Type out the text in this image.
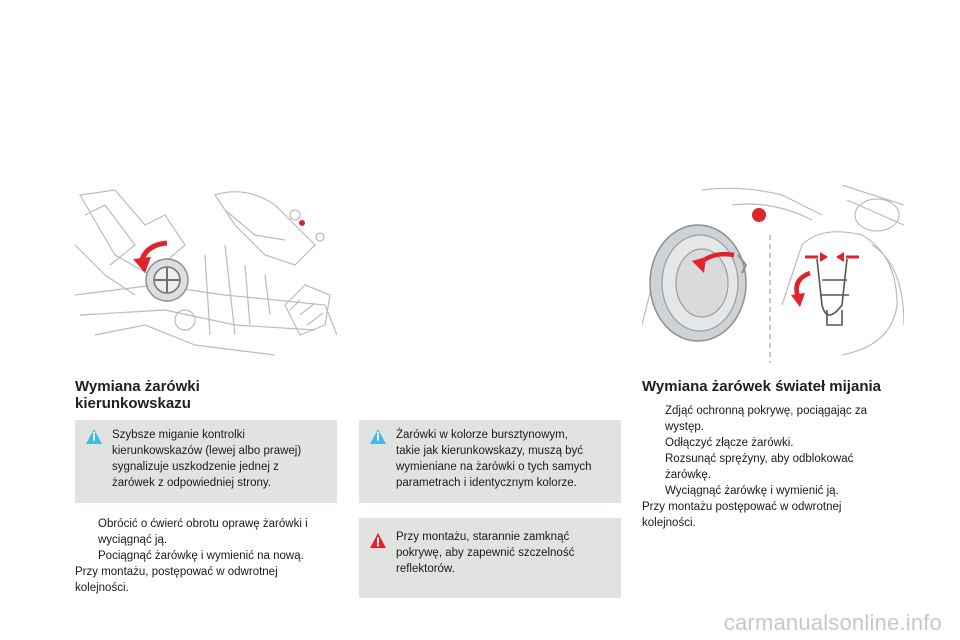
Wymiana żarówki
kierunkowskazu
Szybsze miganie kontrolki
kierunkowskazów (lewej albo prawej)
sygnalizuje uszkodzenie jednej z
żarówek z odpowiedniej strony.
Obrócić o ćwierć obrotu oprawę żarówki i
wyciągnąć ją.
Pociągnąć żarówkę i wymienić na nową.
Przy montażu, postępować w odwrotnej
kolejności.
Żarówki w kolorze bursztynowym,
takie jak kierunkowskazy, muszą być
wymieniane na żarówki o tych samych
parametrach i identycznym kolorze.
Przy montażu, starannie zamknąć
pokrywę, aby zapewnić szczelność
reflektorów.
Wymiana żarówek świateł mijania
Zdjąć ochronną pokrywę, pociągając za
występ.
Odłączyć złącze żarówki.
Rozsunąć sprężyny, aby odblokować
żarówkę.
Wyciągnąć żarówkę i wymienić ją.
Przy montażu postępować w odwrotnej
kolejności.
carmanualsonline.info
